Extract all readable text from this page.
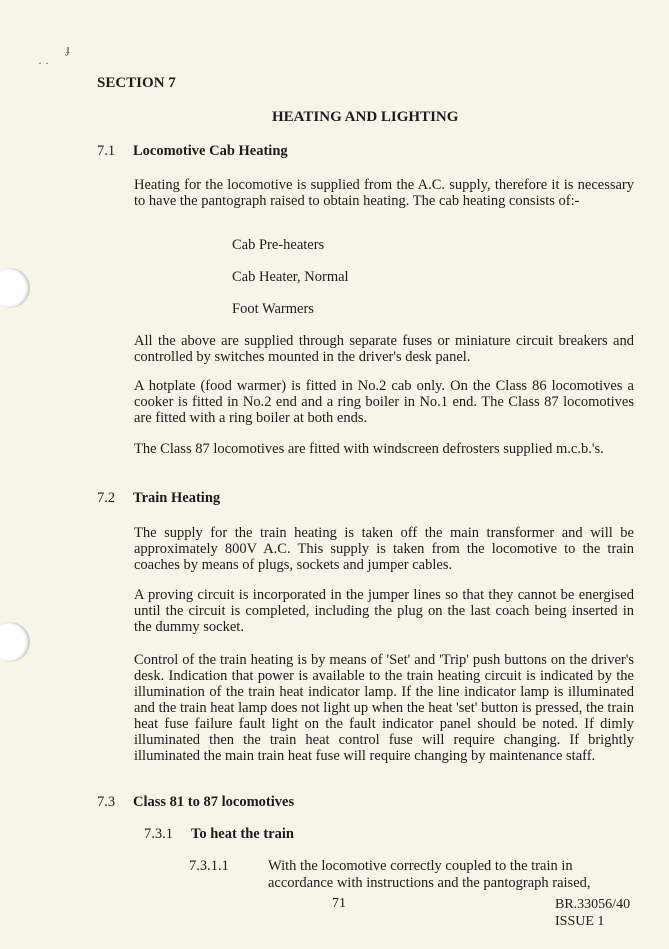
· ·
ɟ
SECTION 7
HEATING AND LIGHTING
7.1 Locomotive Cab Heating
Heating for the locomotive is supplied from the A.C. supply, therefore it is necessary to have the pantograph raised to obtain heating. The cab heating consists of:-
Cab Pre-heaters
Cab Heater, Normal
Foot Warmers
All the above are supplied through separate fuses or miniature circuit breakers and controlled by switches mounted in the driver's desk panel.
A hotplate (food warmer) is fitted in No.2 cab only. On the Class 86 locomotives a cooker is fitted in No.2 end and a ring boiler in No.1 end. The Class 87 locomotives are fitted with a ring boiler at both ends.
The Class 87 locomotives are fitted with windscreen defrosters supplied m.c.b.'s.
7.2 Train Heating
The supply for the train heating is taken off the main transformer and will be approximately 800V A.C. This supply is taken from the locomotive to the train coaches by means of plugs, sockets and jumper cables.
A proving circuit is incorporated in the jumper lines so that they cannot be energised until the circuit is completed, including the plug on the last coach being inserted in the dummy socket.
Control of the train heating is by means of 'Set' and 'Trip' push buttons on the driver's desk. Indication that power is available to the train heating circuit is indicated by the illumination of the train heat indicator lamp. If the line indicator lamp is illuminated and the train heat lamp does not light up when the heat 'set' button is pressed, the train heat fuse failure fault light on the fault indicator panel should be noted. If dimly illuminated then the train heat control fuse will require changing. If brightly illuminated the main train heat fuse will require changing by maintenance staff.
7.3 Class 81 to 87 locomotives
7.3.1 To heat the train
7.3.1.1	With the locomotive correctly coupled to the train in
accordance with instructions and the pantograph raised,
71	BR.33056/40
ISSUE 1
